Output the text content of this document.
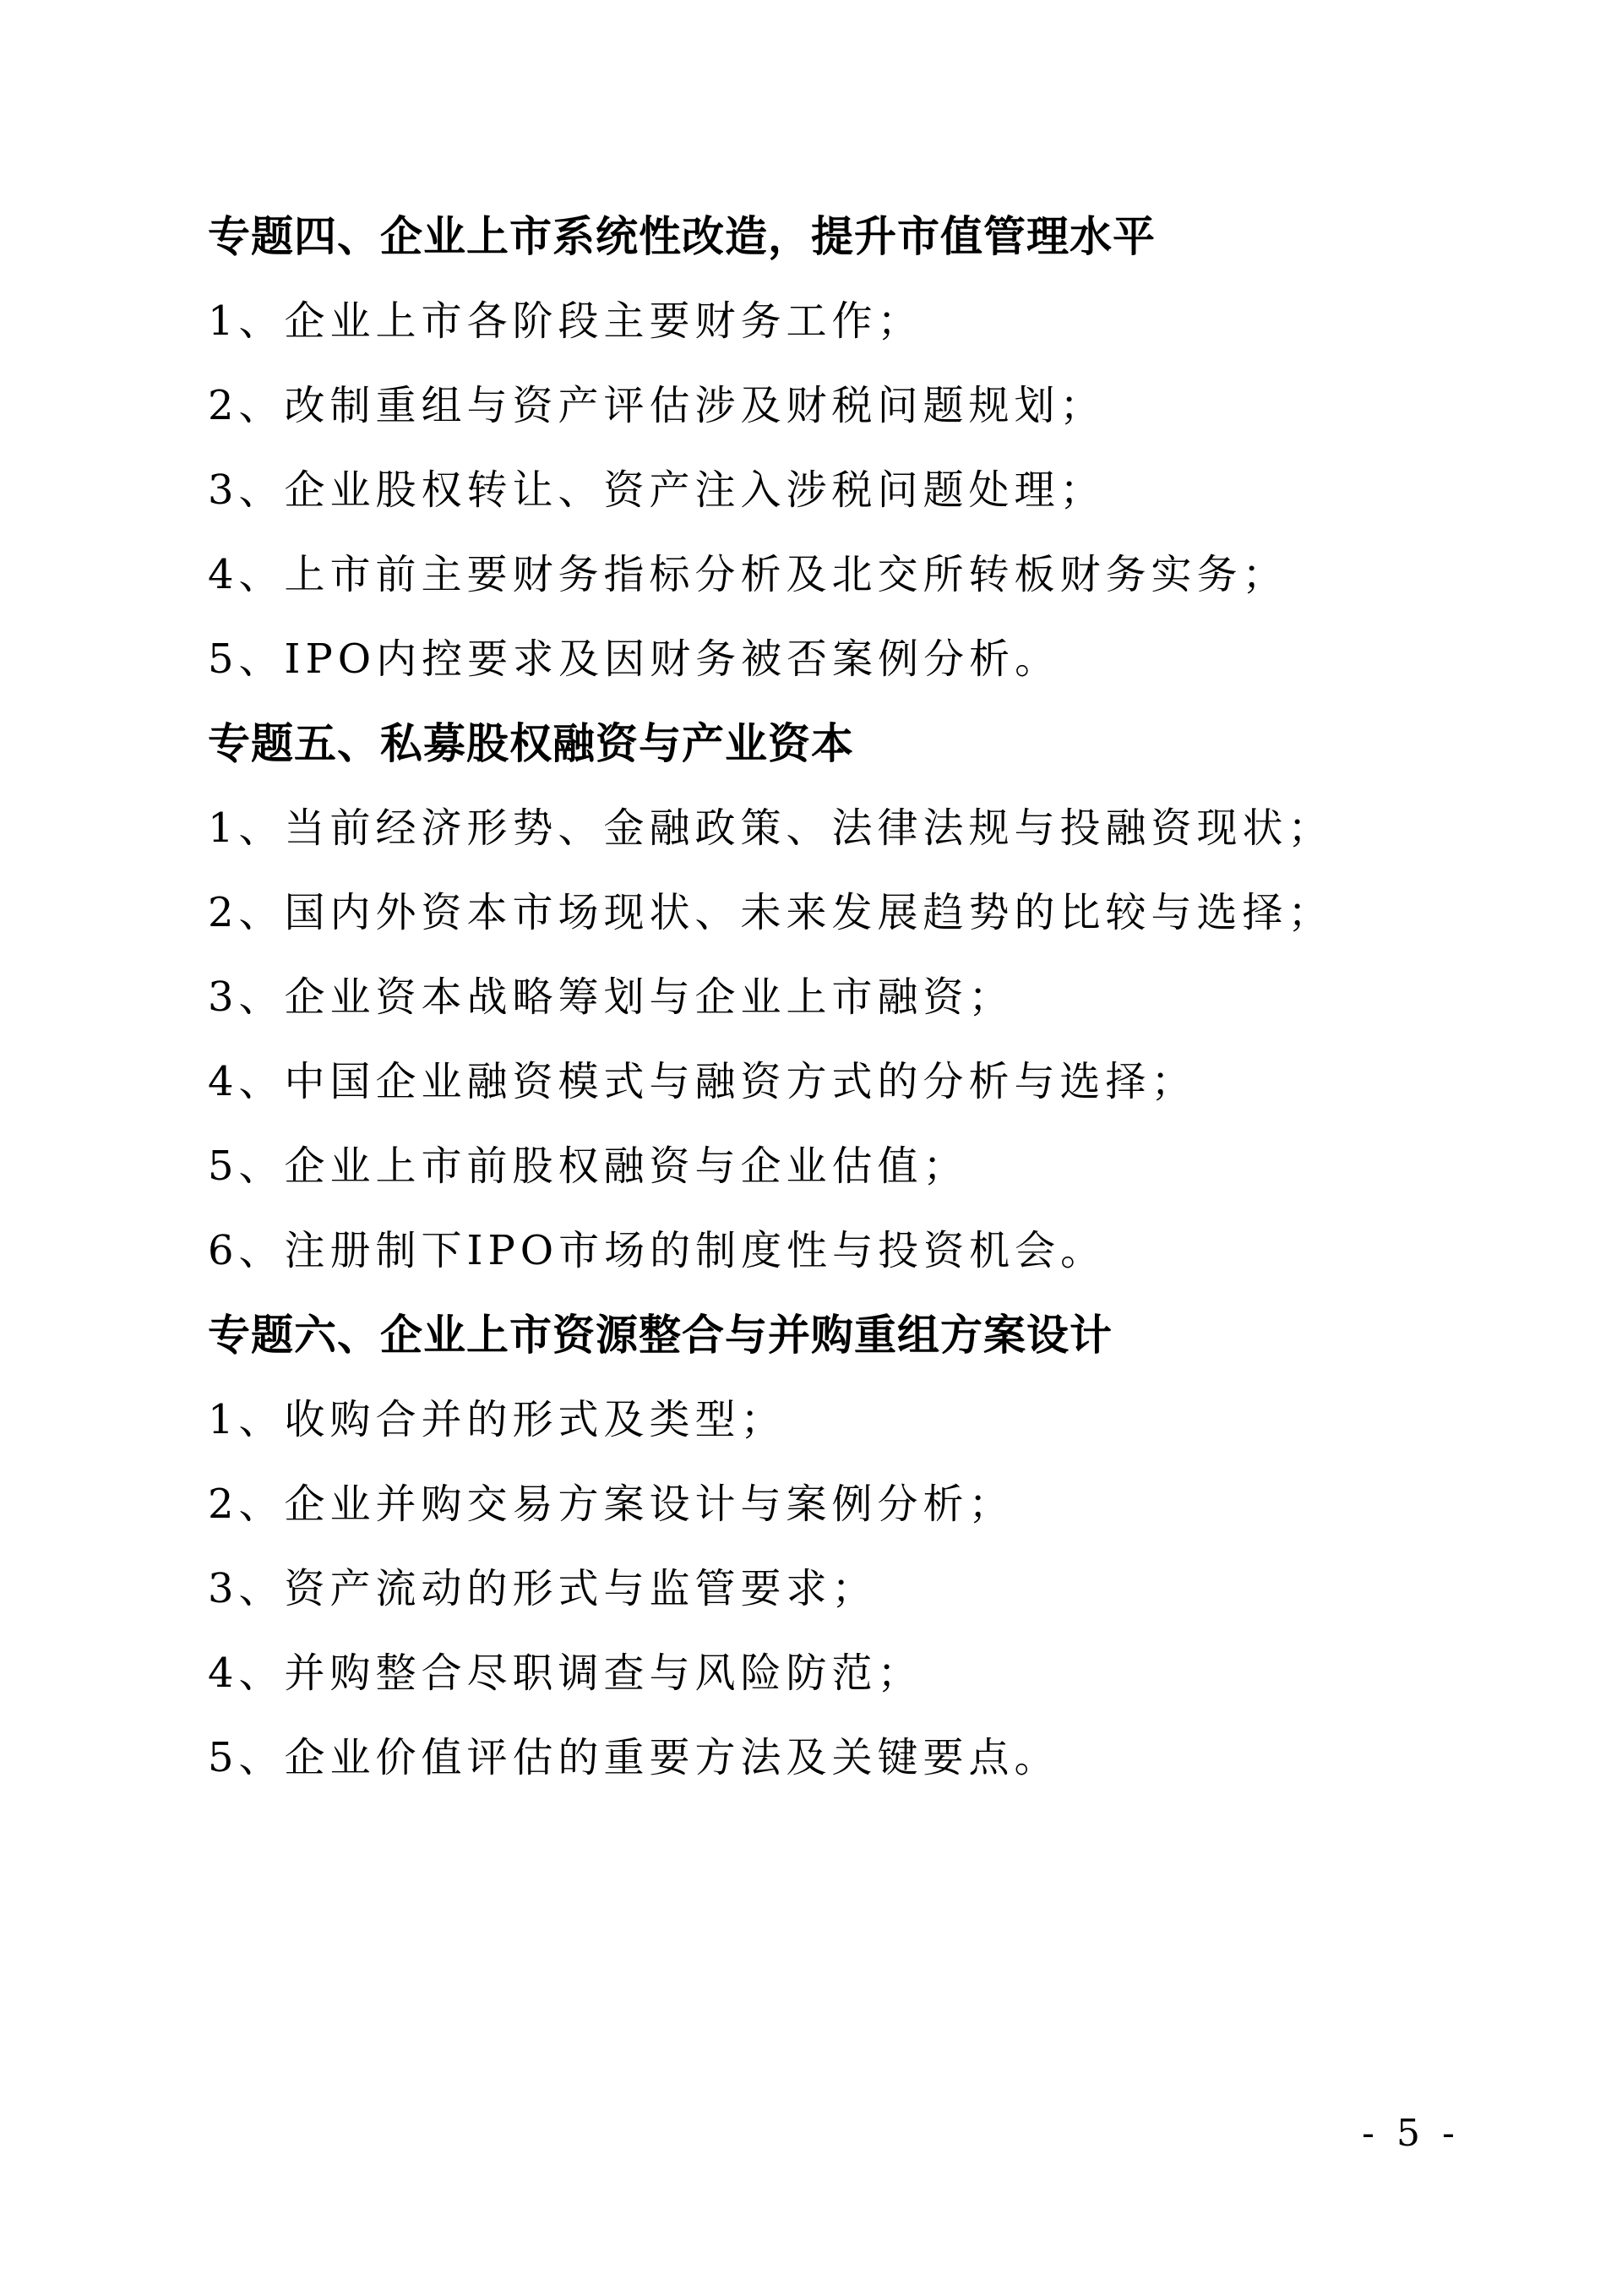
专题四、企业上市系统性改造，提升市值管理水平
1、企业上市各阶段主要财务工作；
2、改制重组与资产评估涉及财税问题规划；
3、企业股权转让、资产注入涉税问题处理；
4、上市前主要财务指标分析及北交所转板财务实务；
5、IPO内控要求及因财务被否案例分析。
专题五、私募股权融资与产业资本
1、当前经济形势、金融政策、法律法规与投融资现状；
2、国内外资本市场现状、未来发展趋势的比较与选择；
3、企业资本战略筹划与企业上市融资；
4、中国企业融资模式与融资方式的分析与选择；
5、企业上市前股权融资与企业估值；
6、注册制下IPO市场的制度性与投资机会。
专题六、企业上市资源整合与并购重组方案设计
1、收购合并的形式及类型；
2、企业并购交易方案设计与案例分析；
3、资产流动的形式与监管要求；
4、并购整合尽职调查与风险防范；
5、企业价值评估的重要方法及关键要点。
- 5 -
